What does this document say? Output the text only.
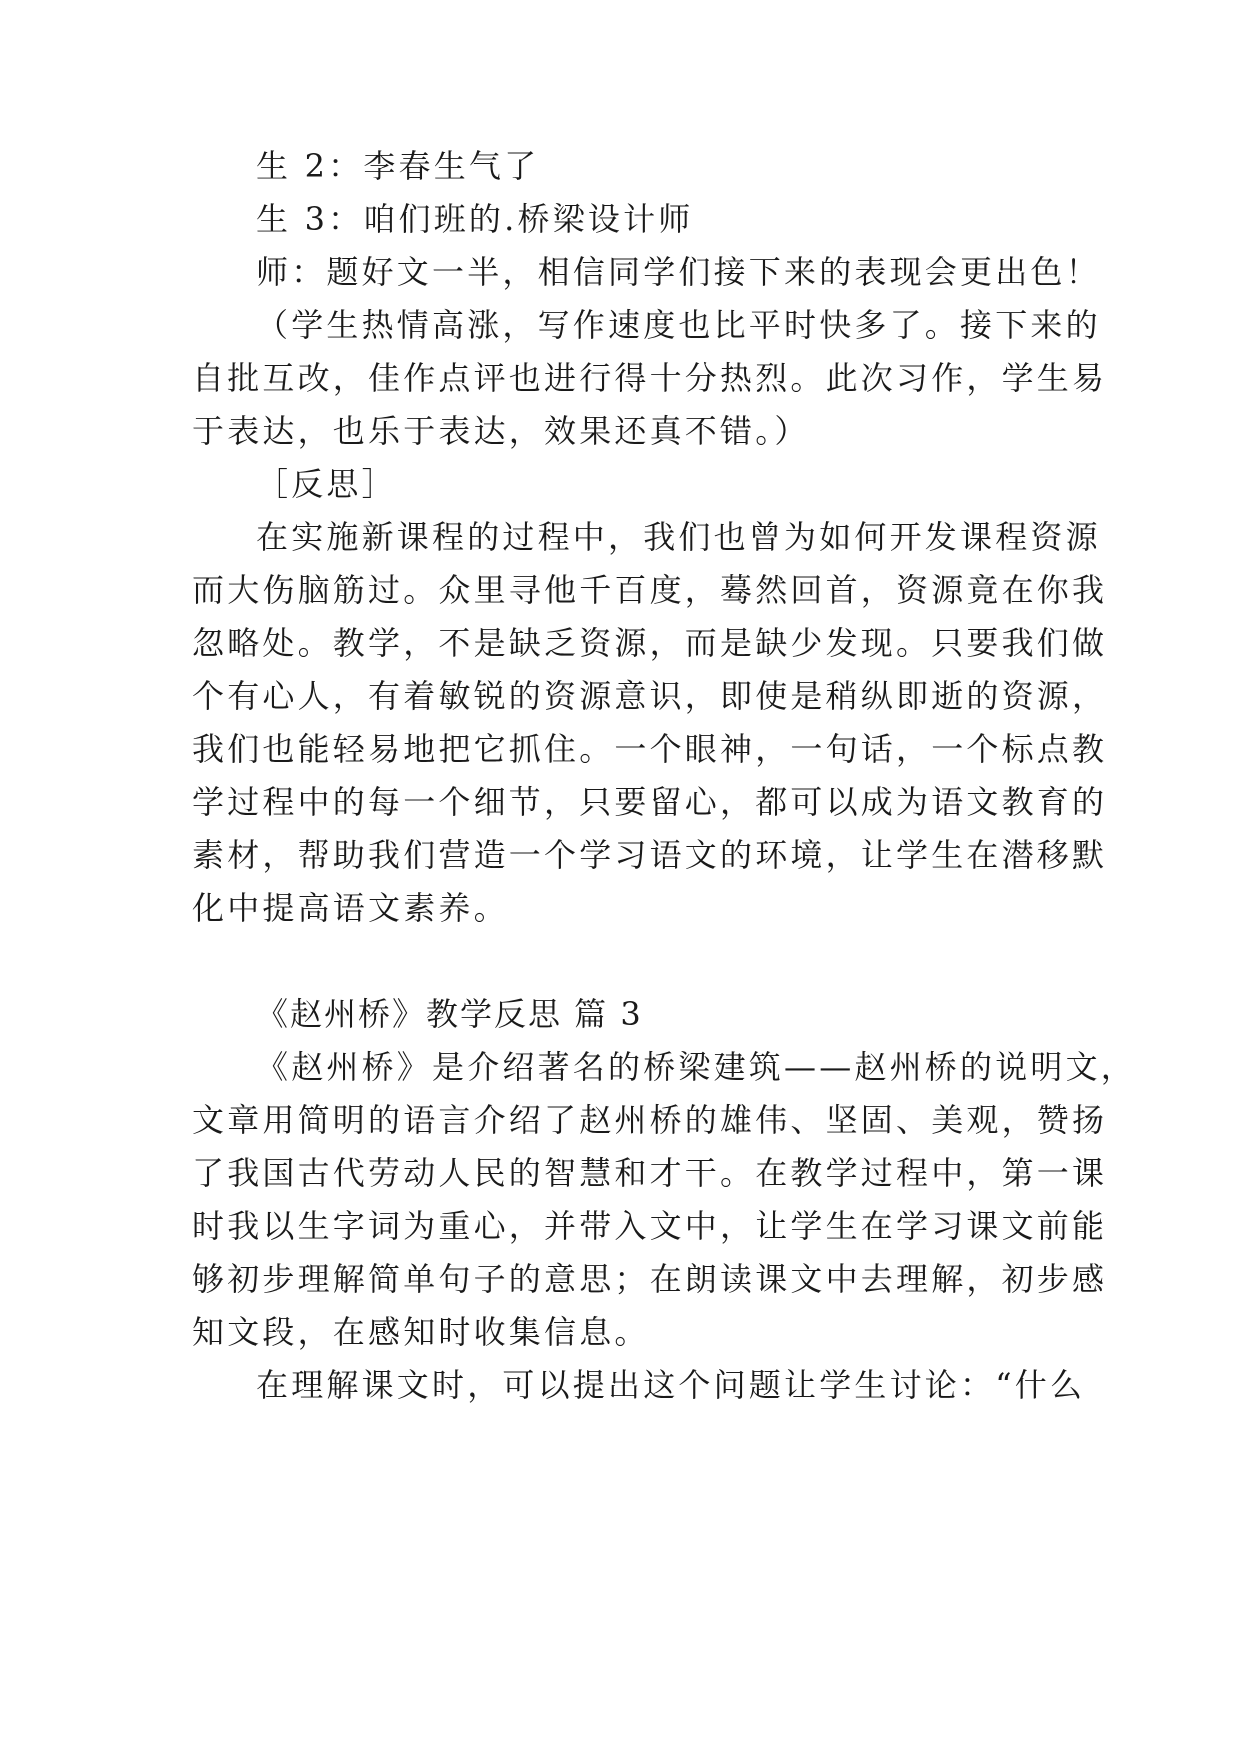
生 2：李春生气了
生 3：咱们班的.桥梁设计师
师：题好文一半，相信同学们接下来的表现会更出色！
（学生热情高涨，写作速度也比平时快多了。接下来的
自批互改，佳作点评也进行得十分热烈。此次习作，学生易
于表达，也乐于表达，效果还真不错。）
［反思］
在实施新课程的过程中，我们也曾为如何开发课程资源
而大伤脑筋过。众里寻他千百度，蓦然回首，资源竟在你我
忽略处。教学，不是缺乏资源，而是缺少发现。只要我们做
个有心人，有着敏锐的资源意识，即使是稍纵即逝的资源，
我们也能轻易地把它抓住。一个眼神，一句话，一个标点教
学过程中的每一个细节，只要留心，都可以成为语文教育的
素材，帮助我们营造一个学习语文的环境，让学生在潜移默
化中提高语文素养。
《赵州桥》教学反思 篇 3
《赵州桥》是介绍著名的桥梁建筑——赵州桥的说明文，
文章用简明的语言介绍了赵州桥的雄伟、坚固、美观，赞扬
了我国古代劳动人民的智慧和才干。在教学过程中，第一课
时我以生字词为重心，并带入文中，让学生在学习课文前能
够初步理解简单句子的意思；在朗读课文中去理解，初步感
知文段，在感知时收集信息。
在理解课文时，可以提出这个问题让学生讨论：“什么
